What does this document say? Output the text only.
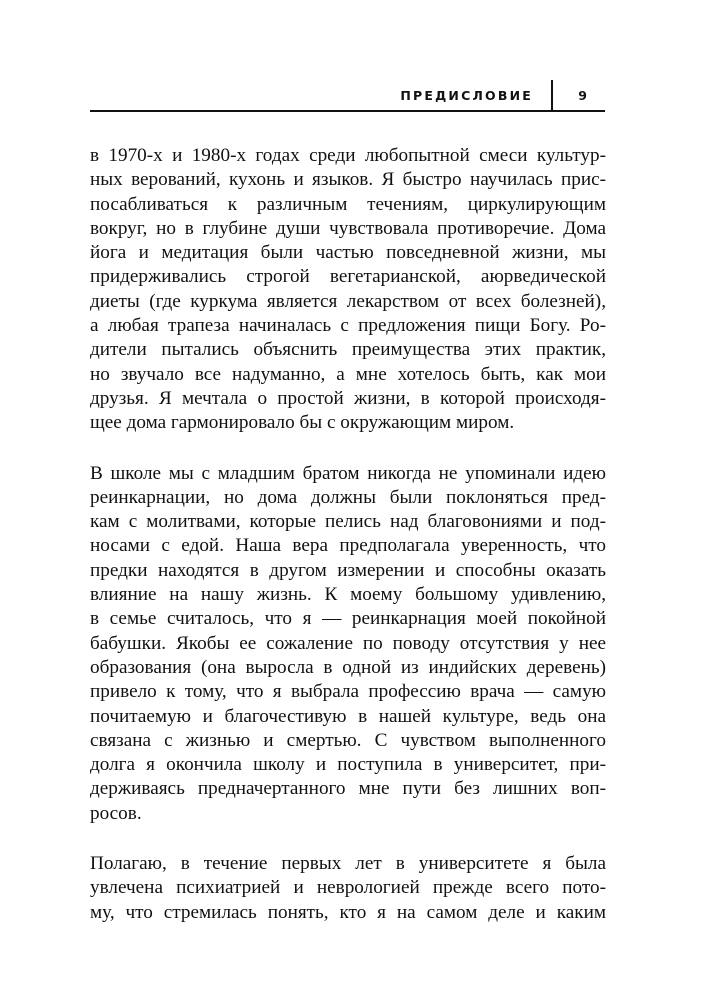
ПРЕДИСЛОВИЕ	9

в 1970-х и 1980-х годах среди любопытной смеси культур-
ных верований, кухонь и языков. Я быстро научилась прис-
посабливаться к различным течениям, циркулирующим
вокруг, но в глубине души чувствовала противоречие. Дома
йога и медитация были частью повседневной жизни, мы
придерживались строгой вегетарианской, аюрведической
диеты (где куркума является лекарством от всех болезней),
а любая трапеза начиналась с предложения пищи Богу. Ро-
дители пытались объяснить преимущества этих практик,
но звучало все надуманно, а мне хотелось быть, как мои
друзья. Я мечтала о простой жизни, в которой происходя-
щее дома гармонировало бы с окружающим миром.

В школе мы с младшим братом никогда не упоминали идею
реинкарнации, но дома должны были поклоняться пред-
кам с молитвами, которые пелись над благовониями и под-
носами с едой. Наша вера предполагала уверенность, что
предки находятся в другом измерении и способны оказать
влияние на нашу жизнь. К моему большому удивлению,
в семье считалось, что я — реинкарнация моей покойной
бабушки. Якобы ее сожаление по поводу отсутствия у нее
образования (она выросла в одной из индийских деревень)
привело к тому, что я выбрала профессию врача — самую
почитаемую и благочестивую в нашей культуре, ведь она
связана с жизнью и смертью. С чувством выполненного
долга я окончила школу и поступила в университет, при-
держиваясь предначертанного мне пути без лишних воп-
росов.

Полагаю, в течение первых лет в университете я была
увлечена психиатрией и неврологией прежде всего пото-
му, что стремилась понять, кто я на самом деле и каким
